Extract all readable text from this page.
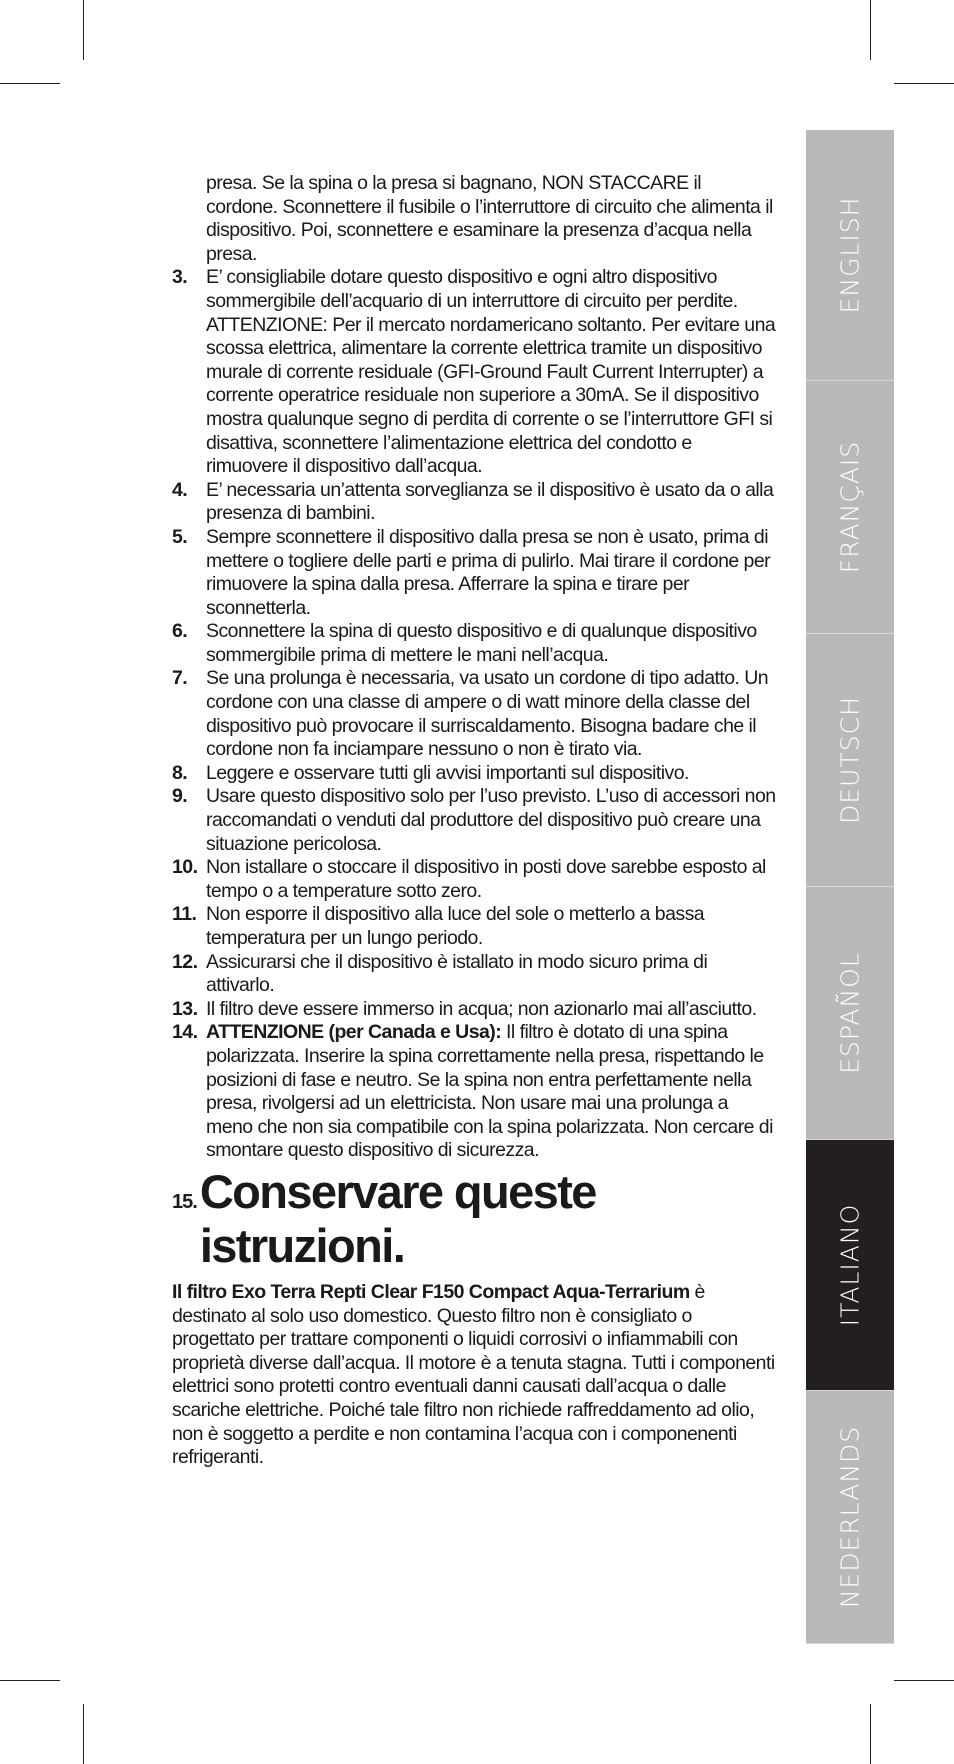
presa. Se la spina o la presa si bagnano, NON STACCARE il cordone. Sconnettere il fusibile o l’interruttore di circuito che alimenta il dispositivo. Poi, sconnettere e esaminare la presenza d’acqua nella presa.
3. E’ consigliabile dotare questo dispositivo e ogni altro dispositivo sommergibile dell’acquario di un interruttore di circuito per perdite. ATTENZIONE: Per il mercato nordamericano soltanto. Per evitare una scossa elettrica, alimentare la corrente elettrica tramite un dispositivo murale di corrente residuale (GFI-Ground Fault Current Interrupter) a corrente operatrice residuale non superiore a 30mA. Se il dispositivo mostra qualunque segno di perdita di corrente o se l’interruttore GFI si disattiva, sconnettere l’alimentazione elettrica del condotto e rimuovere il dispositivo dall’acqua.
4. E’ necessaria un’attenta sorveglianza se il dispositivo è usato da o alla presenza di bambini.
5. Sempre sconnettere il dispositivo dalla presa se non è usato, prima di mettere o togliere delle parti e prima di pulirlo. Mai tirare il cordone per rimuovere la spina dalla presa. Afferrare la spina e tirare per sconnetterla.
6. Sconnettere la spina di questo dispositivo e di qualunque dispositivo sommergibile prima di mettere le mani nell’acqua.
7. Se una prolunga è necessaria, va usato un cordone di tipo adatto. Un cordone con una classe di ampere o di watt minore della classe del dispositivo può provocare il surriscaldamento. Bisogna badare che il cordone non fa inciampare nessuno o non è tirato via.
8. Leggere e osservare tutti gli avvisi importanti sul dispositivo.
9. Usare questo dispositivo solo per l’uso previsto. L’uso di accessori non raccomandati o venduti dal produttore del dispositivo può creare una situazione pericolosa.
10. Non istallare o stoccare il dispositivo in posti dove sarebbe esposto al tempo o a temperature sotto zero.
11. Non esporre il dispositivo alla luce del sole o metterlo a bassa temperatura per un lungo periodo.
12. Assicurarsi che il dispositivo è istallato in modo sicuro prima di attivarlo.
13. Il filtro deve essere immerso in acqua; non azionarlo mai all’asciutto.
14. ATTENZIONE (per Canada e Usa): Il filtro è dotato di una spina polarizzata. Inserire la spina correttamente nella presa, rispettando le posizioni di fase e neutro. Se la spina non entra perfettamente nella presa, rivolgersi ad un elettricista. Non usare mai una prolunga a meno che non sia compatibile con la spina polarizzata. Non cercare di smontare questo dispositivo di sicurezza.
15. Conservare queste istruzioni.
Il filtro Exo Terra Repti Clear F150 Compact Aqua-Terrarium è destinato al solo uso domestico. Questo filtro non è consigliato o progettato per trattare componenti o liquidi corrosivi o infiammabili con proprietà diverse dall’acqua. Il motore è a tenuta stagna. Tutti i componenti elettrici sono protetti contro eventuali danni causati dall’acqua o dalle scariche elettriche. Poiché tale filtro non richiede raffreddamento ad olio, non è soggetto a perdite e non contamina l’acqua con i componenenti refrigeranti.
ENGLISH
FRANÇAIS
DEUTSCH
ESPAÑOL
ITALIANO
NEDERLANDS
